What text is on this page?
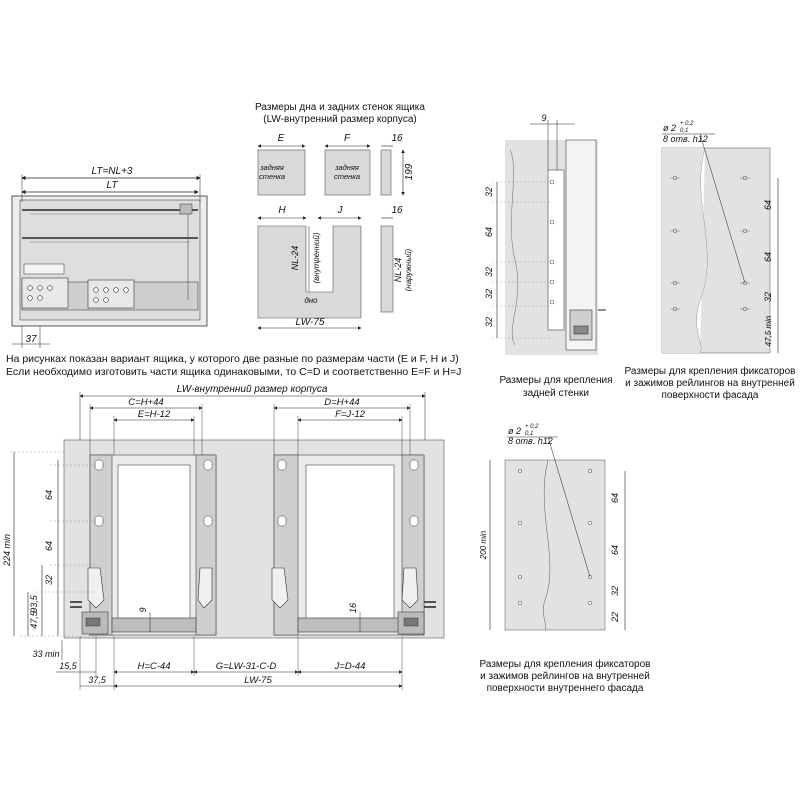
LT=NL+3
LT
37
Размеры дна и задних стенок ящика
(LW-внутренний размер корпуса)
задняя
стенка
задняя
стенка
E	F	16
199
H	J	16
NL-24 (внутренний)	NL-24 (наружный)
дно
LW-75
9
32
64
32
32
32
Размеры для крепления
задней стенки
ø 2 + 0,2
0,1
8 отв. h12
64
64
32
47,5 min
Размеры для крепления фиксаторов
и зажимов рейлингов на внутренней
поверхности фасада
ø 2 + 0,2
0,1
8 отв. h12
200 min
64
64
32
22
Размеры для крепления фиксаторов
и зажимов рейлингов на внутренней
поверхности внутреннего фасада
LW-внутренний размер корпуса
C=H+44
E=H-12
D=H+44
F=J-12
64
64
32
93,5
47,5
224 min
33 min
9	16
15,5
37,5
H=C-44	G=LW-31-C-D	J=D-44
LW-75
На рисунках показан вариант ящика, у которого две разные по размерам части (E и F, H и J)
Если необходимо изготовить части ящика одинаковыми, то C=D и соответственно E=F и H=J
